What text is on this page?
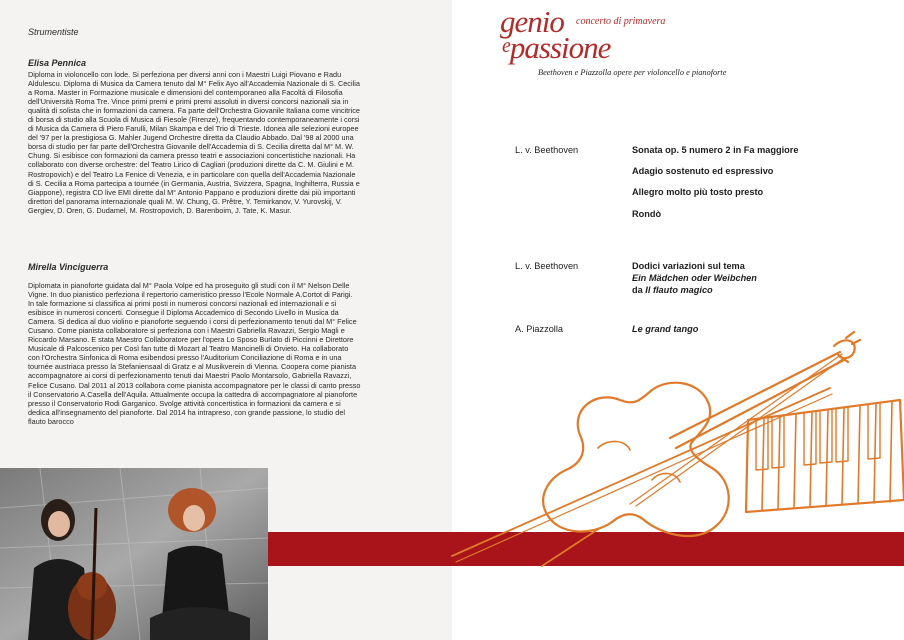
Strumentiste
Elisa Pennica
Diploma in violoncello con lode. Si perfeziona per diversi anni con i Maestri Luigi Piovano e Radu
Aldulescu. Diploma di Musica da Camera tenuto dal M° Felix Ayo all'Accademia Nazionale di S. Cecilia
a Roma. Master in Formazione musicale e dimensioni del contemporaneo alla Facoltà di Filosofia
dell'Università Roma Tre. Vince primi premi e primi premi assoluti in diversi concorsi nazionali sia in
qualità di solista che in formazioni da camera. Fa parte dell'Orchestra Giovanile Italiana come vincitrice
di borsa di studio alla Scuola di Musica di Fiesole (Firenze), frequentando contemporaneamente i corsi
di Musica da Camera di Piero Farulli, Milan Skampa e del Trio di Trieste. Idonea alle selezioni europee
del '97 per la prestigiosa G. Mahler Jugend Orchestre diretta da Claudio Abbado. Dal '98 al 2000 una
borsa di studio per far parte dell'Orchestra Giovanile dell'Accademia di S. Cecilia diretta dal M° M. W.
Chung. Si esibisce con formazioni da camera presso teatri e associazioni concertistiche nazionali. Ha
collaborato con diverse orchestre: del Teatro Lirico di Cagliari (produzioni dirette da C. M. Giulini e M.
Rostropovich) e del Teatro La Fenice di Venezia, e in particolare con quella dell'Accademia Nazionale
di S. Cecilia a Roma partecipa a tournée (in Germania, Austria, Svizzera, Spagna, Inghilterra, Russia e
Giappone), registra CD live EMI dirette dal M° Antonio Pappano e produzioni dirette dai più importanti
direttori del panorama internazionale quali M. W. Chung, G. Prêtre, Y. Temirkanov, V. Yurovskij, V.
Gergiev, D. Oren, G. Dudamel, M. Rostropovich, D. Barenboim, J. Tate, K. Masur.
Mirella Vinciguerra
Diplomata in pianoforte guidata dal M° Paola Volpe ed ha proseguito gli studi con il M° Nelson Delle
Vigne. In duo pianistico perfeziona il repertorio cameristico presso l'Ecole Normale A.Cortot di Parigi.
In tale formazione si classifica ai primi posti in numerosi concorsi nazionali ed internazionali e si
esibisce in numerosi concerti. Consegue il Diploma Accademico di Secondo Livello in Musica da
Camera. Si dedica al duo violino e pianoforte seguendo i corsi di perfezionamento tenuti dal M° Felice
Cusano. Come pianista collaboratore si perfeziona con i Maestri Gabriella Ravazzi, Sergio Magli e
Riccardo Marsano. E stata Maestro Collaboratore per l'opera Lo Sposo Burlato di Piccinni e Direttore
Musicale di Palcoscenico per Così fan tutte di Mozart al Teatro Mancinelli di Orvieto. Ha collaborato
con l'Orchestra Sinfonica di Roma esibendosi presso l'Auditorium Conciliazione di Roma e in una
tournée austriaca presso la Stefaniensaal di Gratz e al Musikverein di Vienna. Coopera come pianista
accompagnatore ai corsi di perfezionamento tenuti dai Maestri Paolo Montarsolo, Gabriella Ravazzi,
Felice Cusano. Dal 2011 al 2013 collabora come pianista accompagnatore per le classi di canto presso
il Conservatorio A.Casella dell'Aquila. Attualmente occupa la cattedra di accompagnatore al pianoforte
presso il Conservatorio Rodi Garganico. Svolge attività concertistica in formazioni da camera e si
dedica all'insegnamento del pianoforte. Dal 2014 ha intrapreso, con grande passione, lo studio del
flauto barocco
genio concerto di primavera
epassione
Beethoven e Piazzolla opere per violoncello e pianoforte
L. v. Beethoven	Sonata op. 5 numero 2 in Fa maggiore
Adagio sostenuto ed espressivo
Allegro molto più tosto presto
Rondò
L. v. Beethoven	Dodici variazioni sul tema
Ein Mädchen oder Weibchen
da Il flauto magico
A. Piazzolla	Le grand tango
